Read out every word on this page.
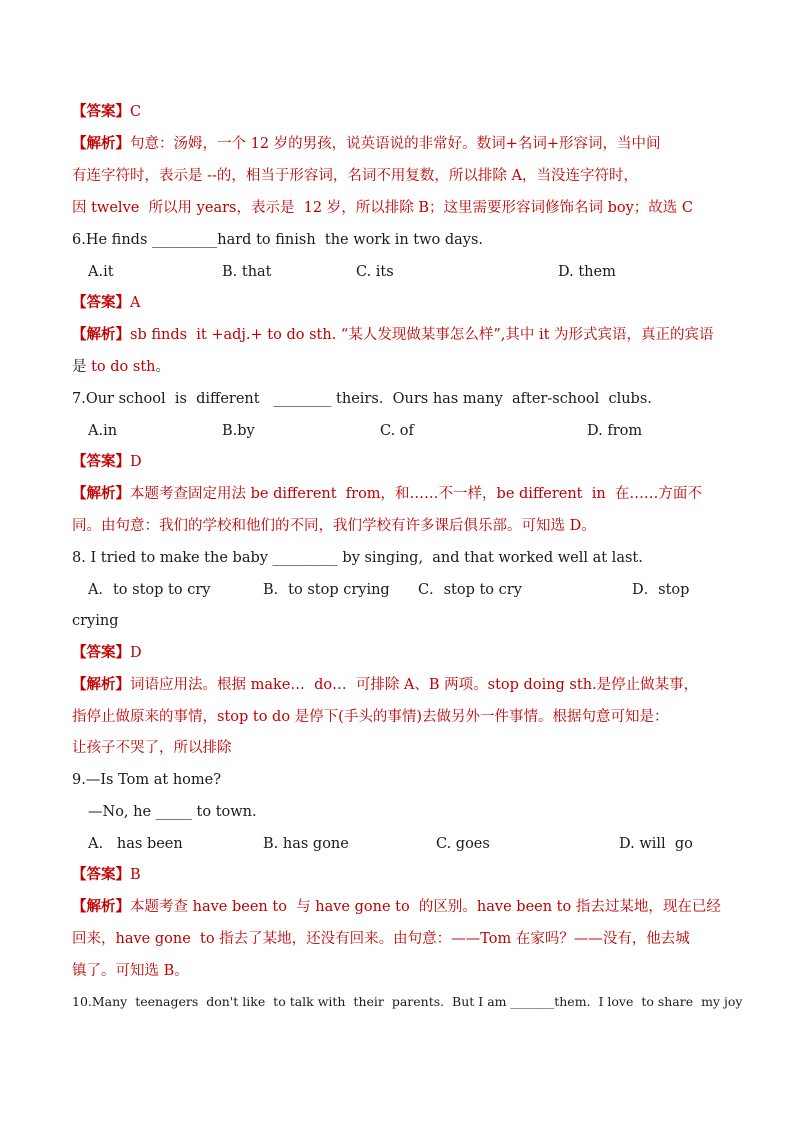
【答案】C
【解析】句意：汤姆，一个 12 岁的男孩，说英语说的非常好。数词+名词+形容词，当中间
有连字符时，表示是 --的，相当于形容词，名词不用复数，所以排除 A，当没连字符时，
因 twelve  所以用 years，表示是  12 岁，所以排除 B；这里需要形容词修饰名词 boy；故选 C
6.He finds _________hard to finish  the work in two days.
A.it	B. that	C. its	D. them
【答案】A
【解析】sb finds  it +adj.+ to do sth. “某人发现做某事怎么样”,其中 it 为形式宾语，真正的宾语
是 to do sth。
7.Our school  is  different   ________ theirs.  Ours has many  after-school  clubs.
A.in	B.by	C. of	D. from
【答案】D
【解析】本题考查固定用法 be different  from，和……不一样，be different  in  在……方面不
同。由句意：我们的学校和他们的不同，我们学校有许多课后俱乐部。可知选 D。
8. I tried to make the baby _________ by singing,  and that worked well at last.
A．to stop to cry	B．to stop crying C．stop to cry	D．stop
crying
【答案】D
【解析】词语应用法。根据 make…  do…  可排除 A、B 两项。stop doing sth.是停止做某事，
指停止做原来的事情，stop to do 是停下(手头的事情)去做另外一件事情。根据句意可知是：
让孩子不哭了，所以排除
9.—Is Tom at home?
—No, he _____ to town.
A.   has been	B. has gone	C. goes	D. will  go
【答案】B
【解析】本题考查 have been to  与 have gone to  的区别。have been to 指去过某地，现在已经
回来，have gone  to 指去了某地，还没有回来。由句意：——Tom 在家吗？——没有，他去城
镇了。可知选 B。
10.Many  teenagers  don't like  to talk with  their  parents.  But I am _______them.  I love  to share  my joy
